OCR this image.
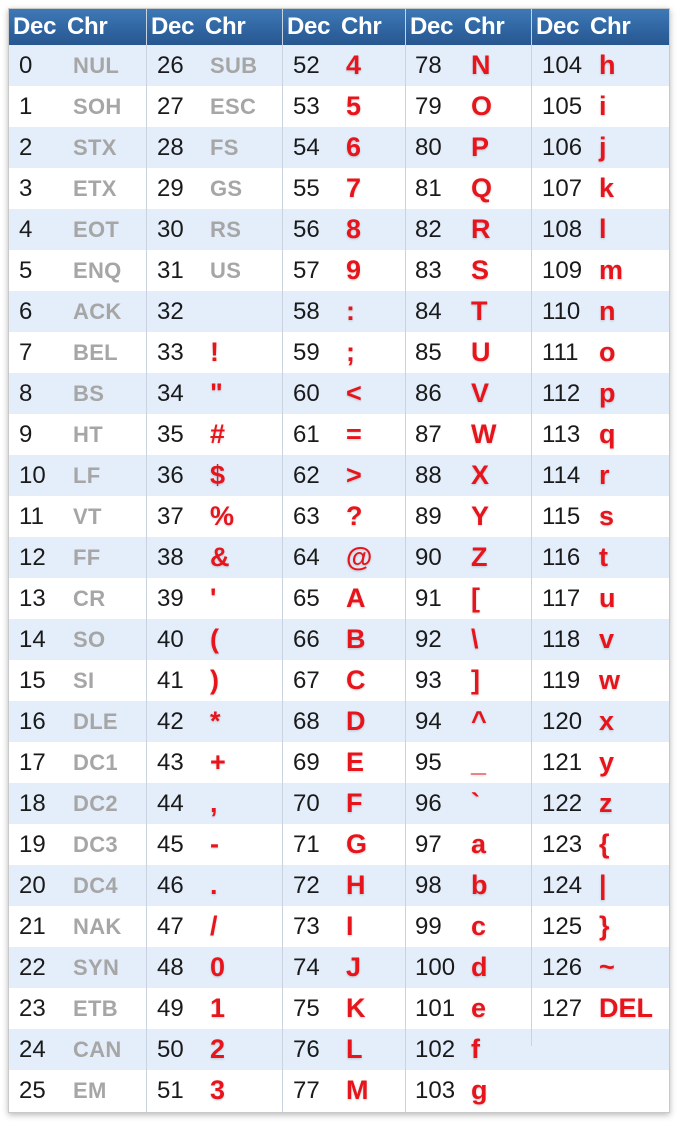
Dec Chr Dec Chr Dec Chr Dec Chr Dec Chr
0 NUL
1 SOH
2 STX
3 ETX
4 EOT
5 ENQ
6 ACK
7 BEL
8 BS
9 HT
10 LF
11 VT
12 FF
13 CR
14 SO
15 SI
16 DLE
17 DC1
18 DC2
19 DC3
20 DC4
21 NAK
22 SYN
23 ETB
24 CAN
25 EM
26 SUB
27 ESC
28 FS
29 GS
30 RS
31 US
32
33 !
34 "
35 #
36 $
37 %
38 &
39 '
40 (
41 )
42 *
43 +
44 ,
45 -
46 .
47 /
48 0
49 1
50 2
51 3
52 4
53 5
54 6
55 7
56 8
57 9
58 :
59 ;
60 <
61 =
62 >
63 ?
64 @
65 A
66 B
67 C
68 D
69 E
70 F
71 G
72 H
73 I
74 J
75 K
76 L
77 M
78 N
79 O
80 P
81 Q
82 R
83 S
84 T
85 U
86 V
87 W
88 X
89 Y
90 Z
91 [
92 \
93 ]
94 ^
95 _
96 `
97 a
98 b
99 c
100 d
101 e
102 f
103 g
104 h
105 i
106 j
107 k
108 l
109 m
110 n
111 o
112 p
113 q
114 r
115 s
116 t
117 u
118 v
119 w
120 x
121 y
122 z
123 {
124 |
125 }
126 ~
127 DEL
